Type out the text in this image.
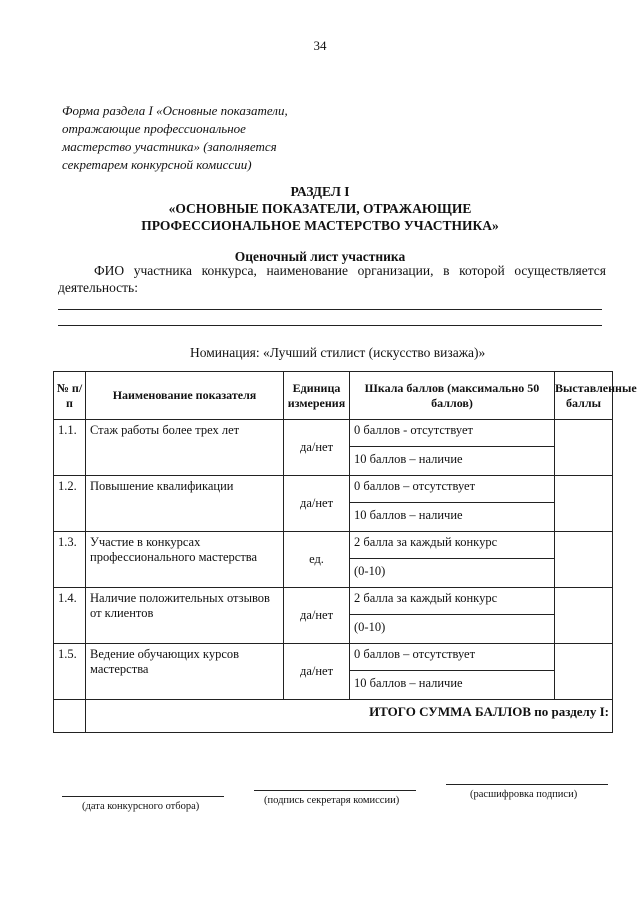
34
Форма раздела I «Основные показатели,
отражающие профессиональное
мастерство участника» (заполняется
секретарем конкурсной комиссии)
РАЗДЕЛ I
«ОСНОВНЫЕ ПОКАЗАТЕЛИ, ОТРАЖАЮЩИЕ
ПРОФЕССИОНАЛЬНОЕ МАСТЕРСТВО УЧАСТНИКА»
Оценочный лист участника
ФИО участника конкурса, наименование организации, в которой осуществляется деятельность:
Номинация: «Лучший стилист (искусство визажа)»
№ п/п	Наименование показателя	Единица измерения	Шкала баллов (максимально 50 баллов)	Выставленные баллы
1.1.	Стаж работы более трех лет	да/нет	0 баллов - отсутствует
10 баллов – наличие	

1.2.	Повышение квалификации	да/нет	0 баллов – отсутствует
10 баллов – наличие	

1.3.	Участие в конкурсах профессионального мастерства	ед.	2 балла за каждый конкурс
(0-10)	

1.4.	Наличие положительных отзывов от клиентов	да/нет	2 балла за каждый конкурс
(0-10)	

1.5.	Ведение обучающих курсов мастерства	да/нет	0 баллов – отсутствует
10 баллов – наличие	

	ИТОГО СУММА БАЛЛОВ по разделу I:			
(дата конкурсного отбора)
(подпись секретаря комиссии)
(расшифровка подписи)
